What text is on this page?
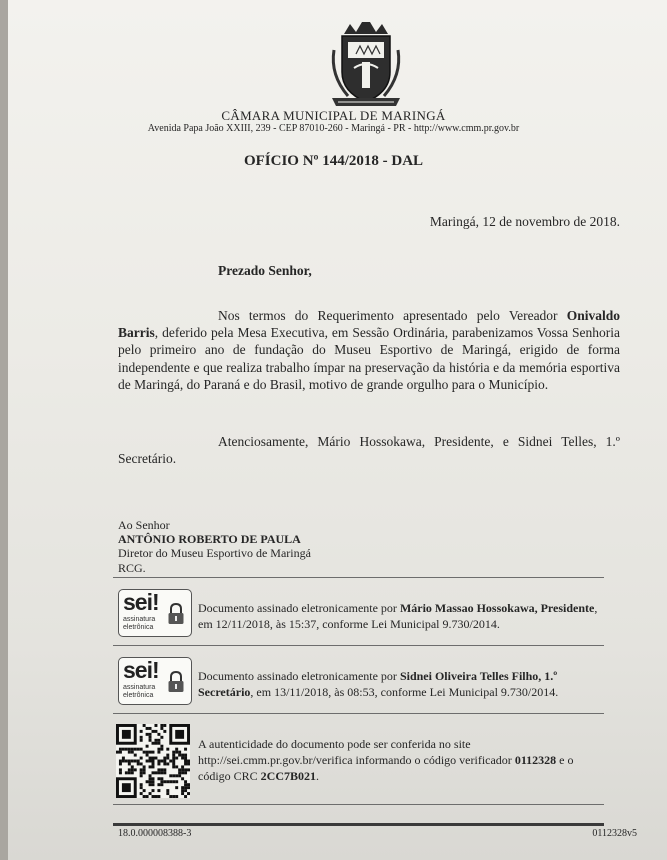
CÂMARA MUNICIPAL DE MARINGÁ
Avenida Papa João XXIII, 239 - CEP 87010-260 - Maringá - PR - http://www.cmm.pr.gov.br
OFÍCIO Nº 144/2018 - DAL
Maringá, 12 de novembro de 2018.
Prezado Senhor,
Nos termos do Requerimento apresentado pelo Vereador Onivaldo Barris, deferido pela Mesa Executiva, em Sessão Ordinária, parabenizamos Vossa Senhoria pelo primeiro ano de fundação do Museu Esportivo de Maringá, erigido de forma independente e que realiza trabalho ímpar na preservação da história e da memória esportiva de Maringá, do Paraná e do Brasil, motivo de grande orgulho para o Município.
Atenciosamente, Mário Hossokawa, Presidente, e Sidnei Telles, 1.º Secretário.
Ao Senhor
ANTÔNIO ROBERTO DE PAULA
Diretor do Museu Esportivo de Maringá
RCG.
sei!
assinatura
eletrônica
Documento assinado eletronicamente por Mário Massao Hossokawa, Presidente, em 12/11/2018, às 15:37, conforme Lei Municipal 9.730/2014.
sei!
assinatura
eletrônica
Documento assinado eletronicamente por Sidnei Oliveira Telles Filho, 1.º Secretário, em 13/11/2018, às 08:53, conforme Lei Municipal 9.730/2014.
A autenticidade do documento pode ser conferida no site http://sei.cmm.pr.gov.br/verifica informando o código verificador 0112328 e o código CRC 2CC7B021.
18.0.000008388-3	0112328v5
